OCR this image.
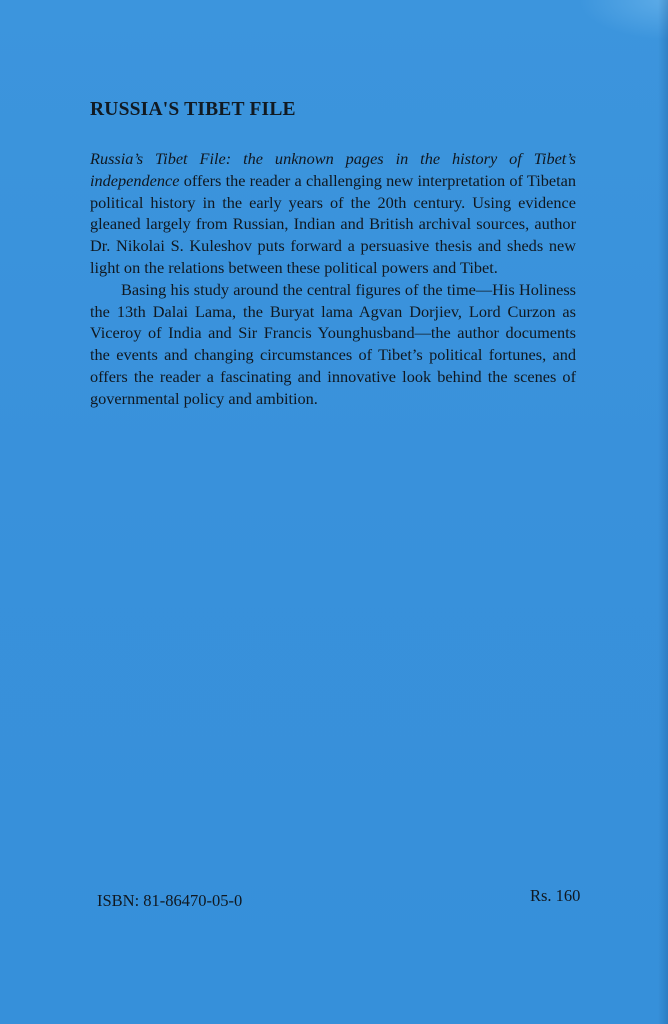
RUSSIA'S TIBET FILE

Russia’s Tibet File: the unknown pages in the history of Tibet’s independence offers the reader a challenging new interpretation of Tibetan political history in the early years of the 20th century. Using evidence gleaned largely from Russian, Indian and British archival sources, author Dr. Nikolai S. Kuleshov puts forward a persuasive thesis and sheds new light on the relations between these political powers and Tibet.

Basing his study around the central figures of the time—His Holiness the 13th Dalai Lama, the Buryat lama Agvan Dorjiev, Lord Curzon as Viceroy of India and Sir Francis Younghusband—the author documents the events and changing circumstances of Tibet’s political fortunes, and offers the reader a fascinating and innovative look behind the scenes of governmental policy and ambition.

ISBN: 81-86470-05-0	Rs. 160
